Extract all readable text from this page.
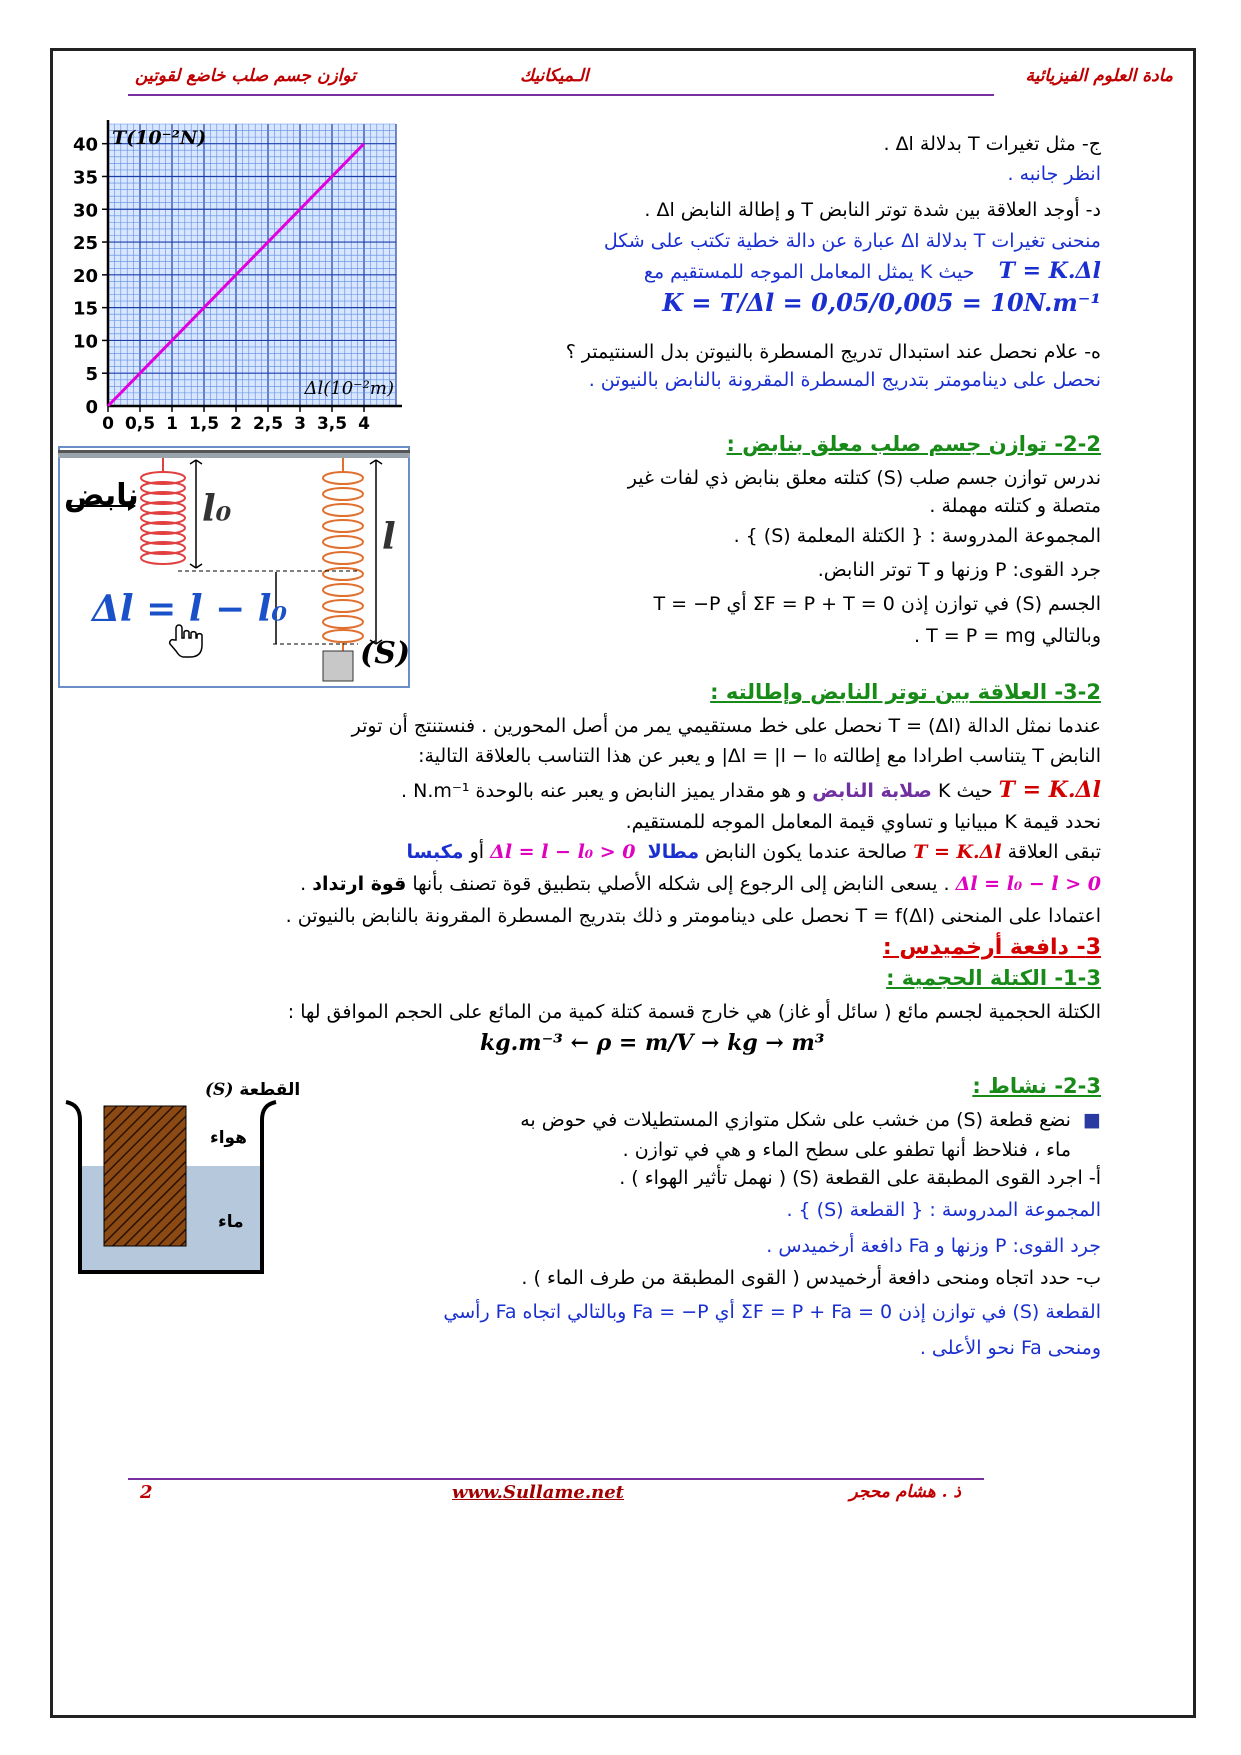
توازن جسم صلب خاضع لقوتين	الـميكانيك	مادة العلوم الفيزيائية
0
5
10
15
20
25
30
35
40
0 0,5 1 1,5 2 2,5 3 3,5 4
T(10⁻²N)
Δl(10⁻²m)
ج- مثل تغيرات T بدلالة Δl .
انظر جانبه .
د- أوجد العلاقة بين شدة توتر النابض T و إطالة النابض Δl .
منحنى تغيرات T بدلالة Δl عبارة عن دالة خطية تكتب على شكل
T = K.Δl    حيث K يمثل المعامل الموجه للمستقيم مع
K = T/Δl = 0,05/0,005 = 10N.m⁻¹
ه- علام نحصل عند استبدال تدريج المسطرة بالنيوتن بدل السنتيمتر ؟
نحصل على دينامومتر بتدريج المسطرة المقرونة بالنابض بالنيوتن .
نابض l₀
l
Δl = l − l₀
(S)
2-2- توازن جسم صلب معلق بنابض :
ندرس توازن جسم صلب (S) كتلته معلق بنابض ذي لفات غير
متصلة و كتلته مهملة .
المجموعة المدروسة : { الكتلة المعلمة (S) } .
جرد القوى: P وزنها و T توتر النابض.
الجسم (S) في توازن إذن ΣF = P + T = 0 أي T = −P
وبالتالي T = P = mg .
3-2- العلاقة بين توتر النابض وإطالته :
عندما نمثل الدالة T = (Δl) نحصل على خط مستقيمي يمر من أصل المحورين . فنستنتج أن توتر
النابض T يتناسب اطرادا مع إطالته Δl = |l − l₀| و يعبر عن هذا التناسب بالعلاقة التالية:
T = K.Δl حيث K صلابة النابض و هو مقدار يميز النابض و يعبر عنه بالوحدة N.m⁻¹ .
نحدد قيمة K مبيانيا و تساوي قيمة المعامل الموجه للمستقيم.
تبقى العلاقة T = K.Δl صالحة عندما يكون النابض مطالا  Δl = l − l₀ > 0 أو مكبسا
Δl = l₀ − l > 0 . يسعى النابض إلى الرجوع إلى شكله الأصلي بتطبيق قوة تصنف بأنها قوة ارتداد .
اعتمادا على المنحنى T = f(Δl) نحصل على دينامومتر و ذلك بتدريج المسطرة المقرونة بالنابض بالنيوتن .
3- دافعة أرخميدس :
1-3- الكتلة الحجمية :
الكتلة الحجمية لجسم مائع ( سائل أو غاز) هي خارج قسمة كتلة كمية من المائع على الحجم الموافق لها :
kg.m⁻³ ← ρ = m/V → kg → m³
2-3- نشاط :
■  نضع قطعة (S) من خشب على شكل متوازي المستطيلات في حوض به
ماء ، فنلاحظ أنها تطفو على سطح الماء و هي في توازن .
أ- اجرد القوى المطبقة على القطعة (S) ( نهمل تأثير الهواء ) .
المجموعة المدروسة : { القطعة (S) } .
جرد القوى: P وزنها و Fa دافعة أرخميدس .
ب- حدد اتجاه ومنحى دافعة أرخميدس ( القوى المطبقة من طرف الماء ) .
القطعة (S) في توازن إذن ΣF = P + Fa = 0 أي Fa = −P وبالتالي اتجاه Fa رأسي
ومنحى Fa نحو الأعلى .
(S) القطعة
هواء
ماء
2	www.Sullame.net	ذ . هشام محجر
